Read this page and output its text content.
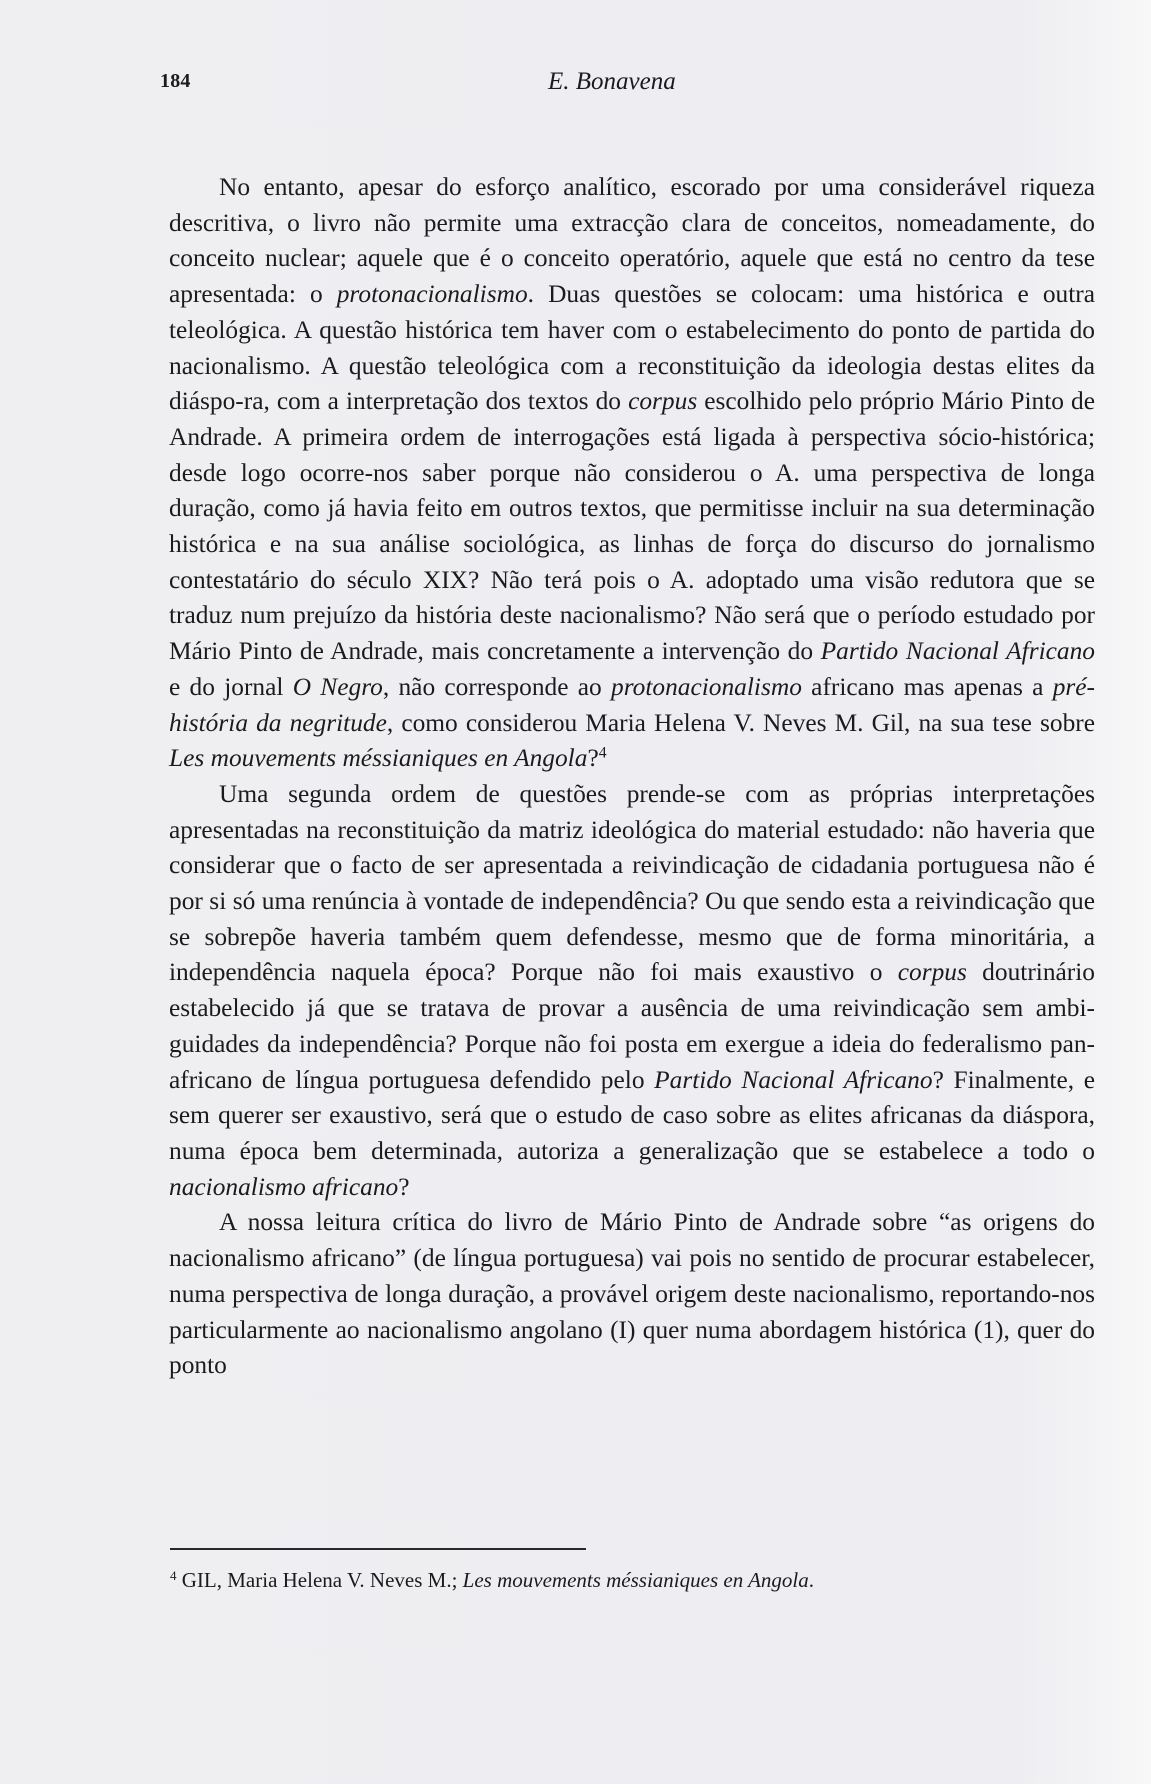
184	E. Bonavena

No entanto, apesar do esforço analítico, escorado por uma considerável riqueza descritiva, o livro não permite uma extracção clara de conceitos, nomeadamente, do conceito nuclear; aquele que é o conceito operatório, aquele que está no centro da tese apresentada: o protonacionalismo. Duas questões se colocam: uma histórica e outra teleológica. A questão histórica tem haver com o estabelecimento do ponto de partida do nacionalismo. A questão teleológica com a reconstituição da ideologia destas elites da diáspo-ra, com a interpretação dos textos do corpus escolhido pelo próprio Mário Pinto de Andrade. A primeira ordem de interrogações está ligada à perspectiva sócio-histórica; desde logo ocorre-nos saber porque não considerou o A. uma perspectiva de longa duração, como já havia feito em outros textos, que permitisse incluir na sua determinação histórica e na sua análise sociológica, as linhas de força do discurso do jornalismo contestatário do século XIX? Não terá pois o A. adoptado uma visão redutora que se traduz num prejuízo da história deste nacionalismo? Não será que o período estudado por Mário Pinto de Andrade, mais concretamente a intervenção do Partido Nacional Africano e do jornal O Negro, não corresponde ao protonacionalismo africano mas apenas a pré-história da negritude, como considerou Maria Helena V. Neves M. Gil, na sua tese sobre Les mouvements méssianiques en Angola?$^4$

Uma segunda ordem de questões prende-se com as próprias interpretações apresentadas na reconstituição da matriz ideológica do material estudado: não haveria que considerar que o facto de ser apresentada a reivindicação de cidadania portuguesa não é por si só uma renúncia à vontade de independência? Ou que sendo esta a reivindicação que se sobrepõe haveria também quem defendesse, mesmo que de forma minoritária, a independência naquela época? Porque não foi mais exaustivo o corpus doutrinário estabelecido já que se tratava de provar a ausência de uma reivindicação sem ambiguidades da independência? Porque não foi posta em exergue a ideia do federalismo pan-africano de língua portuguesa defendido pelo Partido Nacional Africano? Finalmente, e sem querer ser exaustivo, será que o estudo de caso sobre as elites africanas da diáspora, numa época bem determinada, autoriza a generalização que se estabelece a todo o nacionalismo africano?

A nossa leitura crítica do livro de Mário Pinto de Andrade sobre “as origens do nacionalismo africano” (de língua portuguesa) vai pois no sentido de procurar estabelecer, numa perspectiva de longa duração, a provável origem deste nacionalismo, reportando-nos particularmente ao nacionalismo angolano (I) quer numa abordagem histórica (1), quer do ponto

$^4$ GIL, Maria Helena V. Neves M.; Les mouvements méssianiques en Angola.
